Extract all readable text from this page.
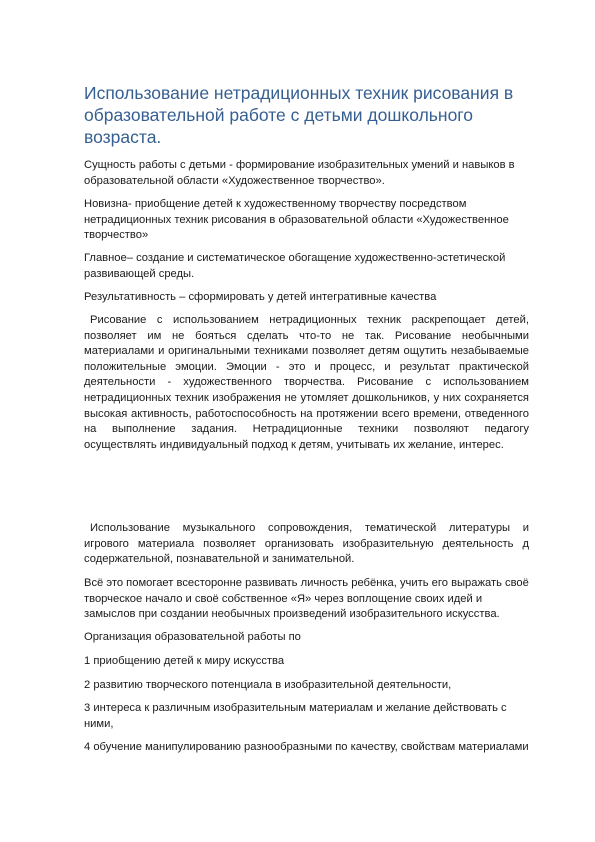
Использование нетрадиционных техник рисования в образовательной работе с детьми дошкольного возраста.

Сущность работы с детьми - формирование изобразительных умений и навыков в образовательной области «Художественное творчество».

Новизна- приобщение детей к художественному творчеству посредством нетрадиционных техник рисования в образовательной области «Художественное творчество»

Главное– создание и систематическое обогащение художественно-эстетической развивающей среды.

Результативность – сформировать у детей интегративные качества

Рисование с использованием нетрадиционных техник раскрепощает детей, позволяет им не бояться сделать что-то не так. Рисование необычными материалами и оригинальными техниками позволяет детям ощутить незабываемые положительные эмоции. Эмоции - это и процесс, и результат практической деятельности - художественного творчества. Рисование с использованием нетрадиционных техник изображения не утомляет дошкольников, у них сохраняется высокая активность, работоспособность на протяжении всего времени, отведенного на выполнение задания. Нетрадиционные техники позволяют педагогу осуществлять индивидуальный подход к детям, учитывать их желание, интерес.

Использование музыкального сопровождения, тематической литературы и игрового материала позволяет организовать изобразительную деятельность д содержательной, познавательной и занимательной.

Всё это помогает всесторонне развивать личность ребёнка, учить его выражать своё творческое начало и своё собственное «Я» через воплощение своих идей и замыслов при создании необычных произведений изобразительного искусства.

Организация образовательной работы по

1 приобщению детей к миру искусства

2 развитию творческого потенциала в изобразительной деятельности,

3 интереса к различным изобразительным материалам и желание действовать с ними,

4 обучение манипулированию разнообразными по качеству, свойствам материалами
